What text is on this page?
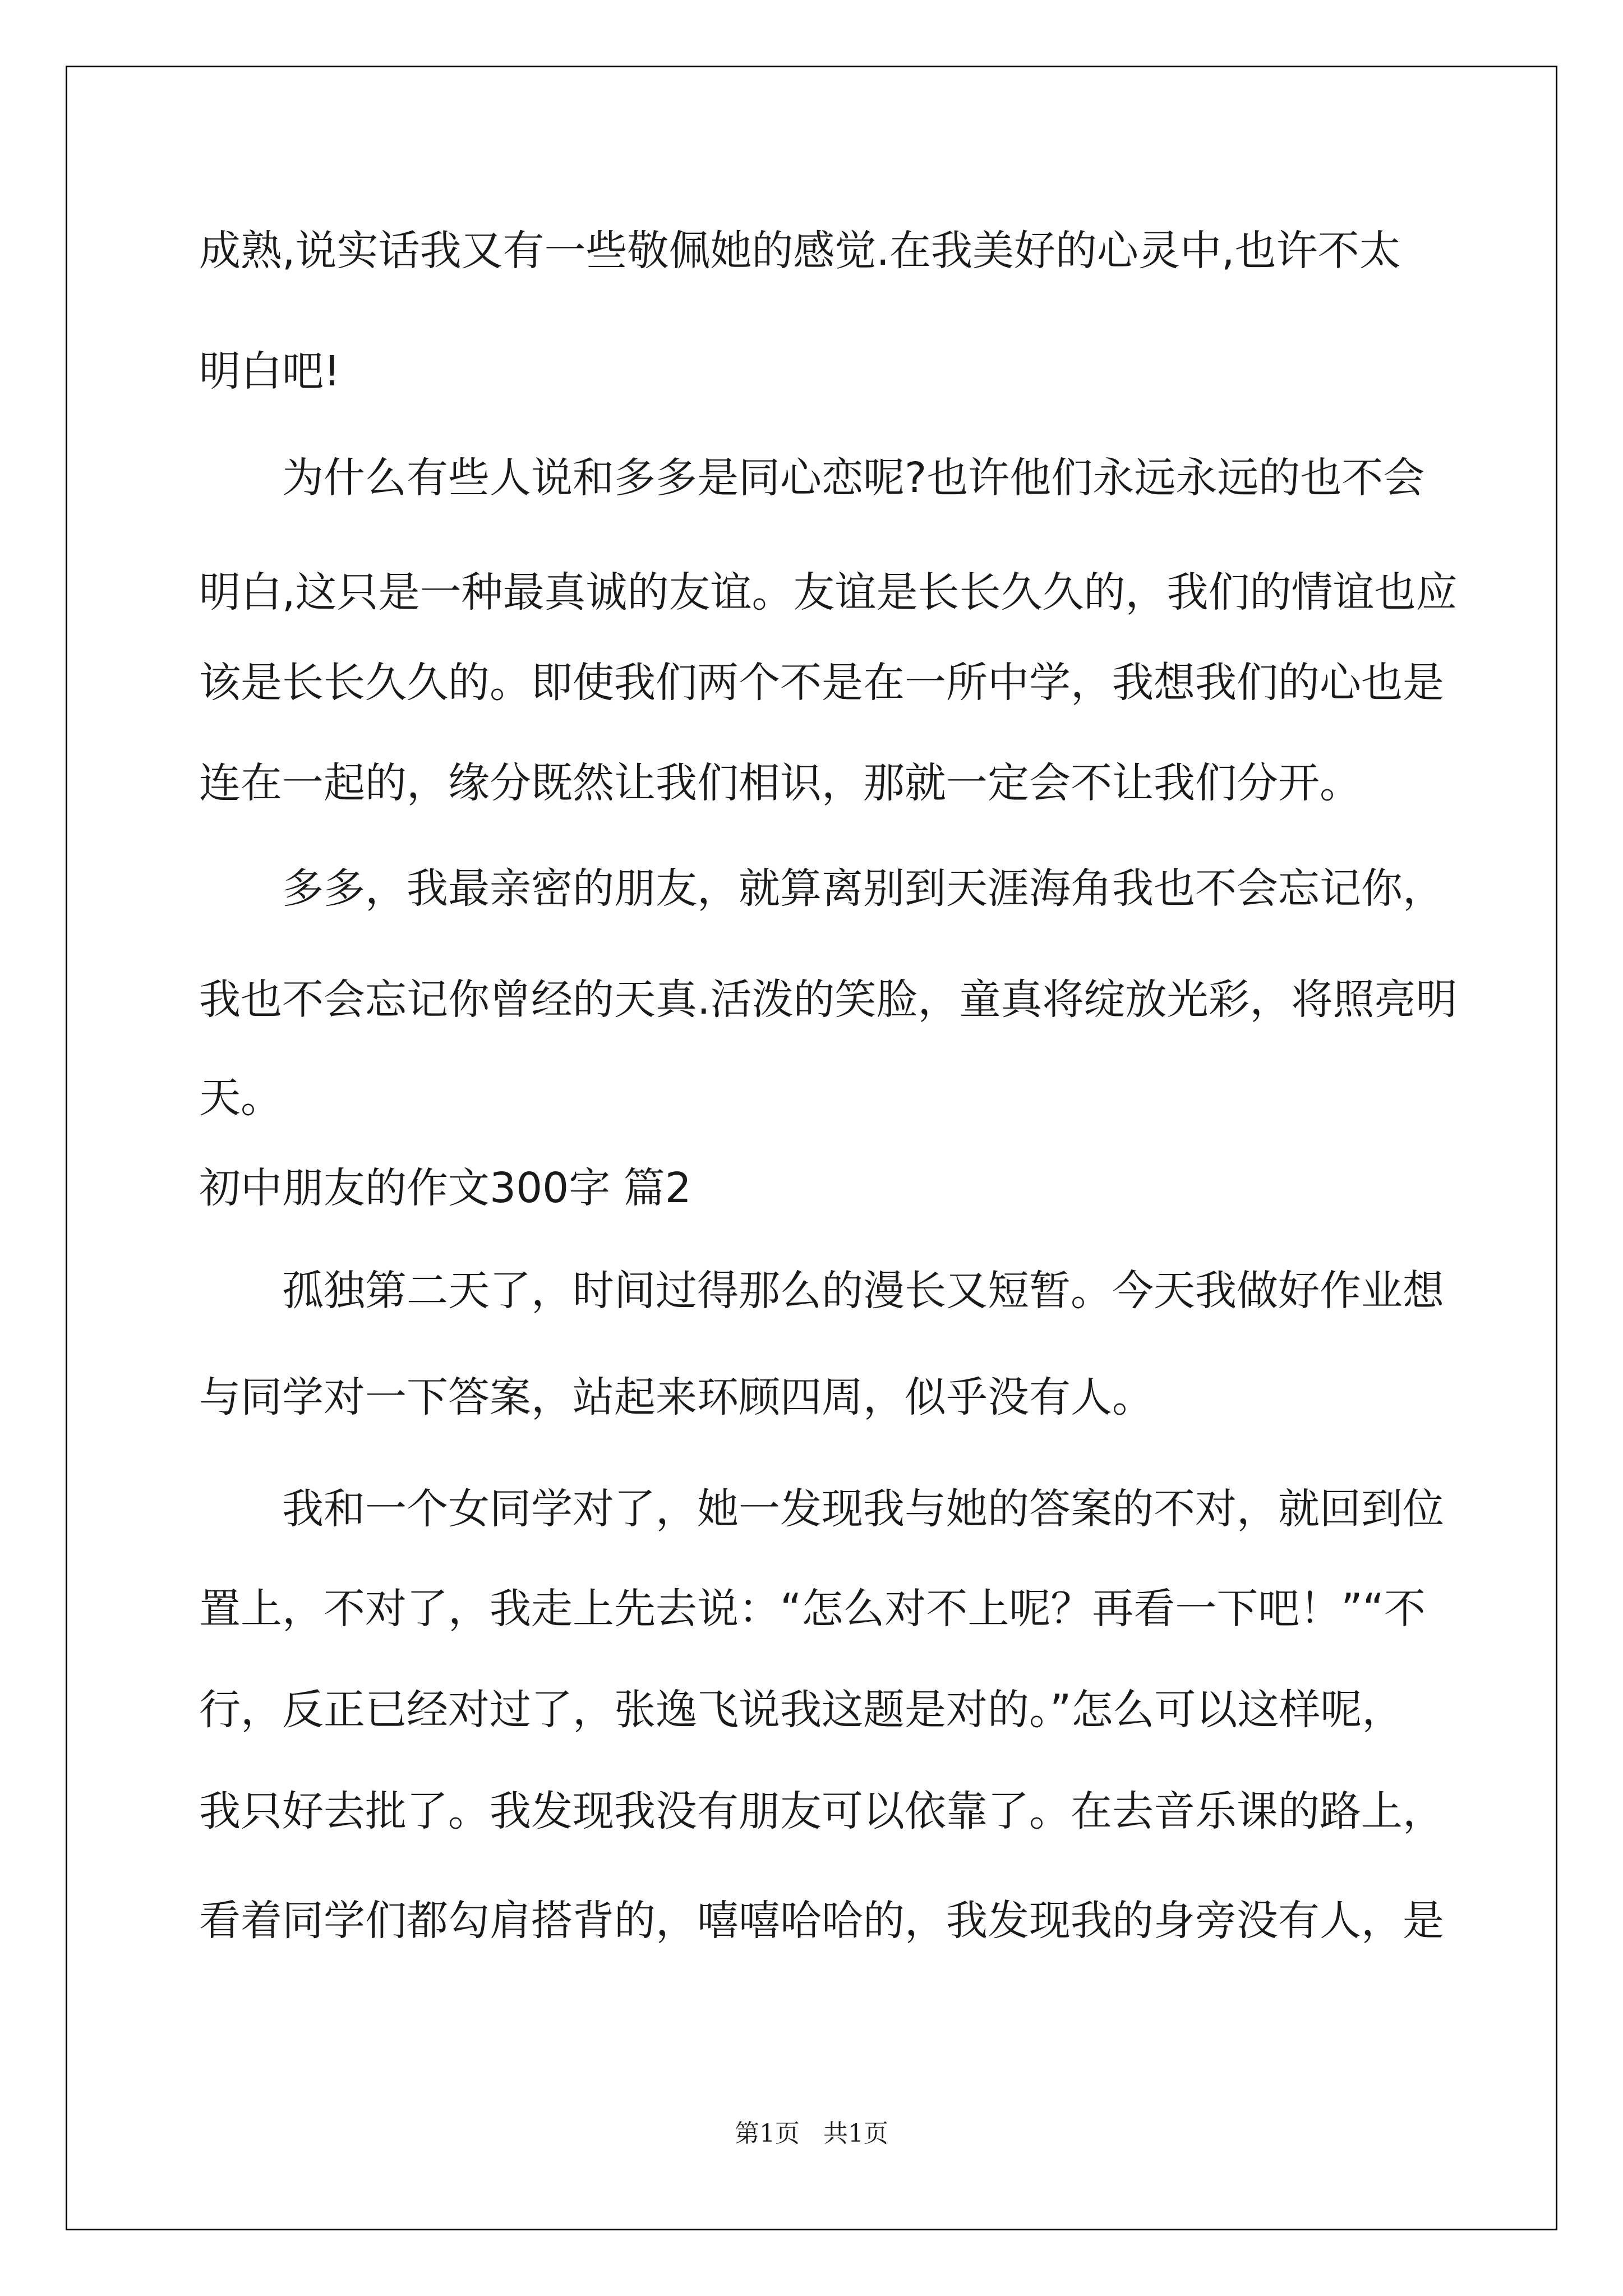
成熟,说实话我又有一些敬佩她的感觉.在我美好的心灵中,也许不太
明白吧!
为什么有些人说和多多是同心恋呢?也许他们永远永远的也不会
明白,这只是一种最真诚的友谊。友谊是长长久久的，我们的情谊也应
该是长长久久的。即使我们两个不是在一所中学，我想我们的心也是
连在一起的，缘分既然让我们相识，那就一定会不让我们分开。
多多，我最亲密的朋友，就算离别到天涯海角我也不会忘记你，
我也不会忘记你曾经的天真.活泼的笑脸，童真将绽放光彩，将照亮明
天。
初中朋友的作文300字 篇2
孤独第二天了，时间过得那么的漫长又短暂。今天我做好作业想
与同学对一下答案，站起来环顾四周，似乎没有人。
我和一个女同学对了，她一发现我与她的答案的不对，就回到位
置上，不对了，我走上先去说：“怎么对不上呢？再看一下吧！”“不
行，反正已经对过了，张逸飞说我这题是对的。”怎么可以这样呢，
我只好去批了。我发现我没有朋友可以依靠了。在去音乐课的路上，
看着同学们都勾肩搭背的，嘻嘻哈哈的，我发现我的身旁没有人，是
第1页   共1页
